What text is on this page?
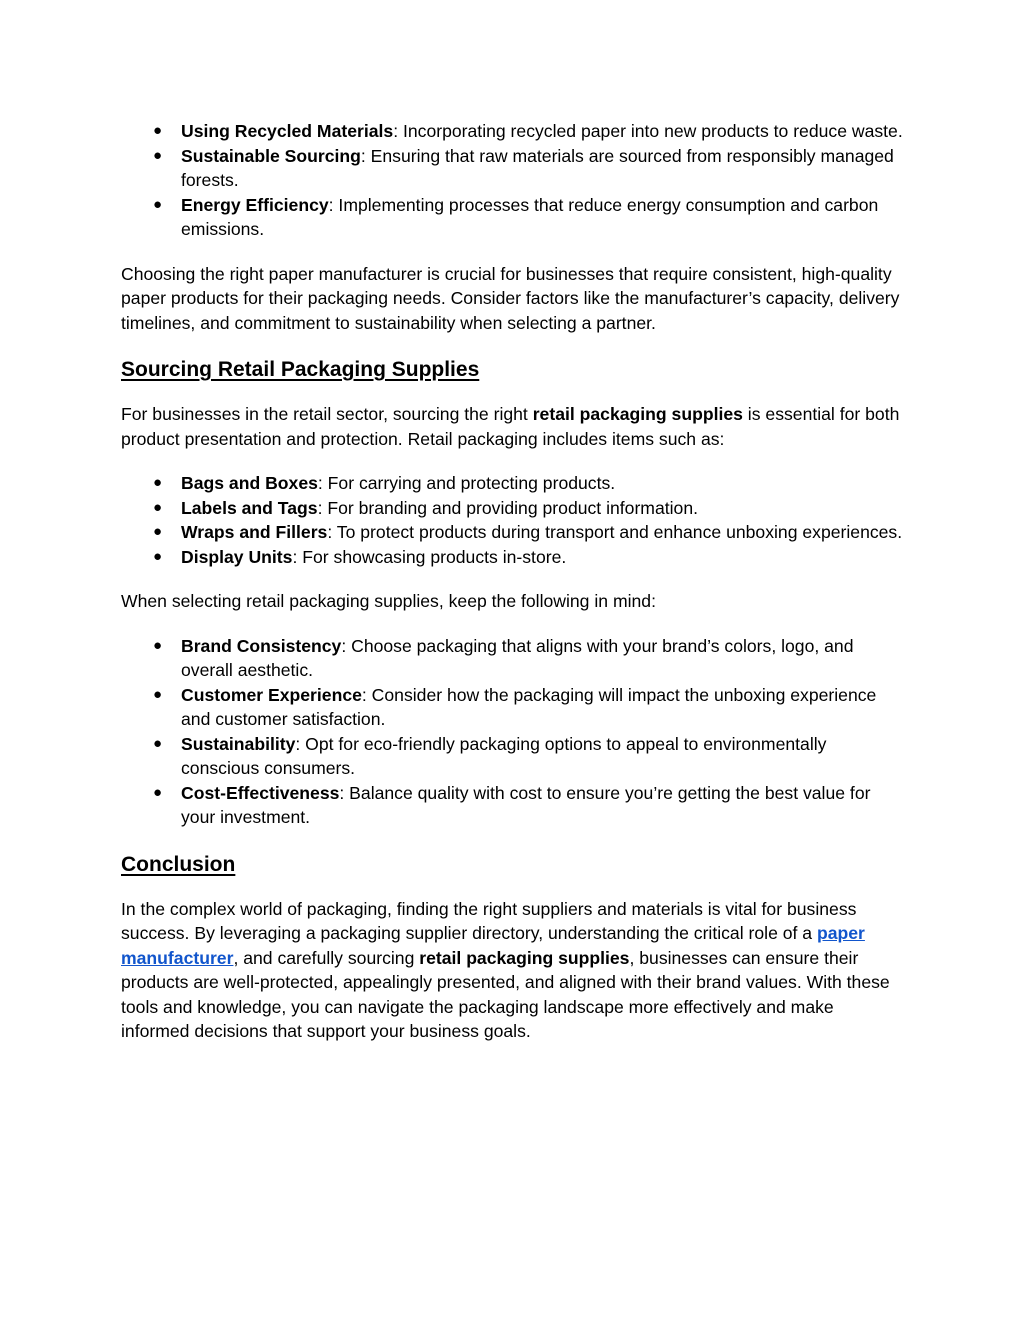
● Using Recycled Materials: Incorporating recycled paper into new products to reduce waste.
● Sustainable Sourcing: Ensuring that raw materials are sourced from responsibly managed forests.
● Energy Efficiency: Implementing processes that reduce energy consumption and carbon emissions.

Choosing the right paper manufacturer is crucial for businesses that require consistent, high-quality paper products for their packaging needs. Consider factors like the manufacturer’s capacity, delivery timelines, and commitment to sustainability when selecting a partner.

Sourcing Retail Packaging Supplies

For businesses in the retail sector, sourcing the right retail packaging supplies is essential for both product presentation and protection. Retail packaging includes items such as:

● Bags and Boxes: For carrying and protecting products.
● Labels and Tags: For branding and providing product information.
● Wraps and Fillers: To protect products during transport and enhance unboxing experiences.
● Display Units: For showcasing products in-store.

When selecting retail packaging supplies, keep the following in mind:

● Brand Consistency: Choose packaging that aligns with your brand’s colors, logo, and overall aesthetic.
● Customer Experience: Consider how the packaging will impact the unboxing experience and customer satisfaction.
● Sustainability: Opt for eco-friendly packaging options to appeal to environmentally conscious consumers.
● Cost-Effectiveness: Balance quality with cost to ensure you’re getting the best value for your investment.
Conclusion

In the complex world of packaging, finding the right suppliers and materials is vital for business success. By leveraging a packaging supplier directory, understanding the critical role of a paper manufacturer, and carefully sourcing retail packaging supplies, businesses can ensure their products are well-protected, appealingly presented, and aligned with their brand values. With these tools and knowledge, you can navigate the packaging landscape more effectively and make informed decisions that support your business goals.
